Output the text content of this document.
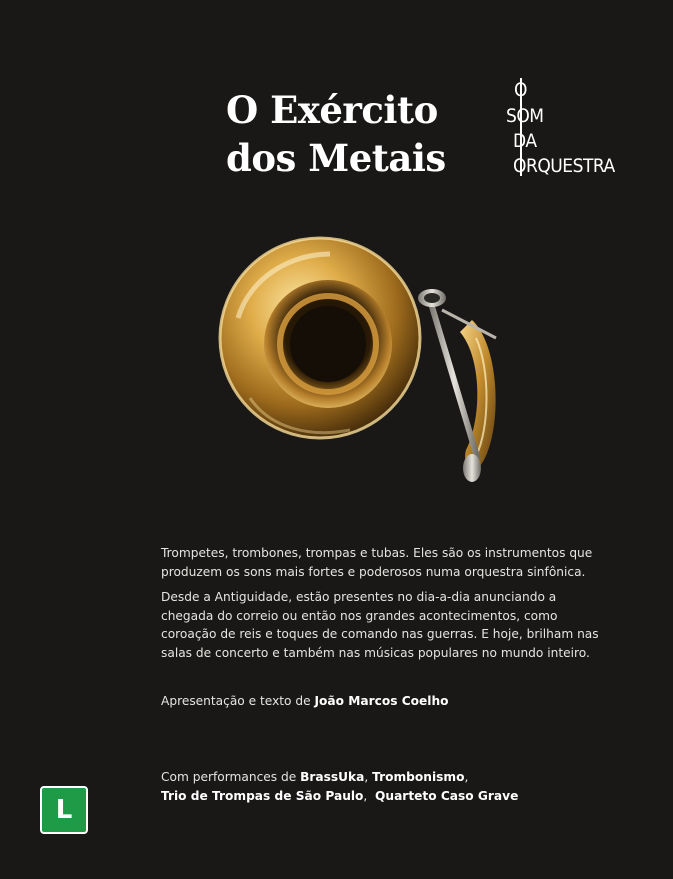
O Exército
dos Metais
O
SOM
DA
ORQUESTRA
Trompetes, trombones, trompas e tubas. Eles são os instrumentos que produzem os sons mais fortes e poderosos numa orquestra sinfônica.
Desde a Antiguidade, estão presentes no dia-a-dia anunciando a chegada do correio ou então nos grandes acontecimentos, como coroação de reis e toques de comando nas guerras. E hoje, brilham nas salas de concerto e também nas músicas populares no mundo inteiro.
Apresentação e texto de João Marcos Coelho
Com performances de BrassUka, Trombonismo,
Trio de Trompas de São Paulo,  Quarteto Caso Grave
L
